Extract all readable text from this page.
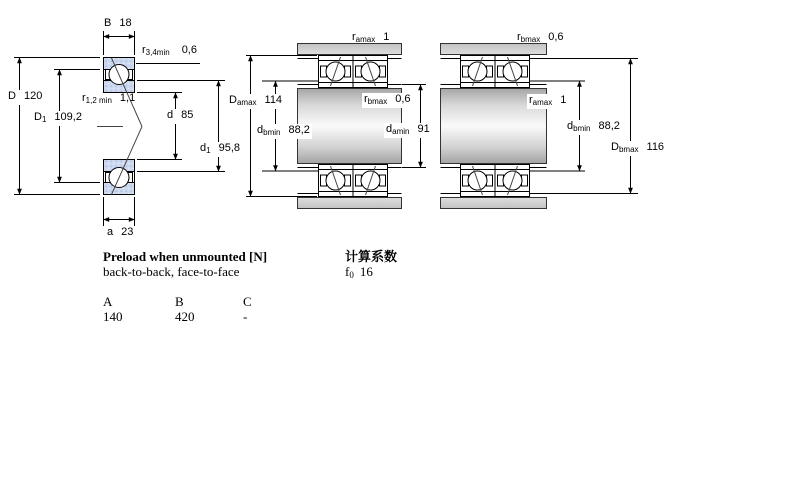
B 18
$r_{3,4min}$ 0,6
D 120	$r_{1,2 min}$ 1,1
$D_1$ 109,2	d 85
$d_1$ 95,8
a 23
$r_{amax}$ 1
$D_{amax}$ 114	$r_{bmax}$ 0,6
$d_{bmin}$ 88,2	$d_{amin}$ 91
$r_{bmax}$ 0,6
$r_{amax}$ 1
$d_{bmin}$ 88,2
$D_{bmax}$ 116
Preload when unmounted [N]
back-to-back, face-to-face
计算系数
$f_0$ 16
A	B	C
140	420	-
